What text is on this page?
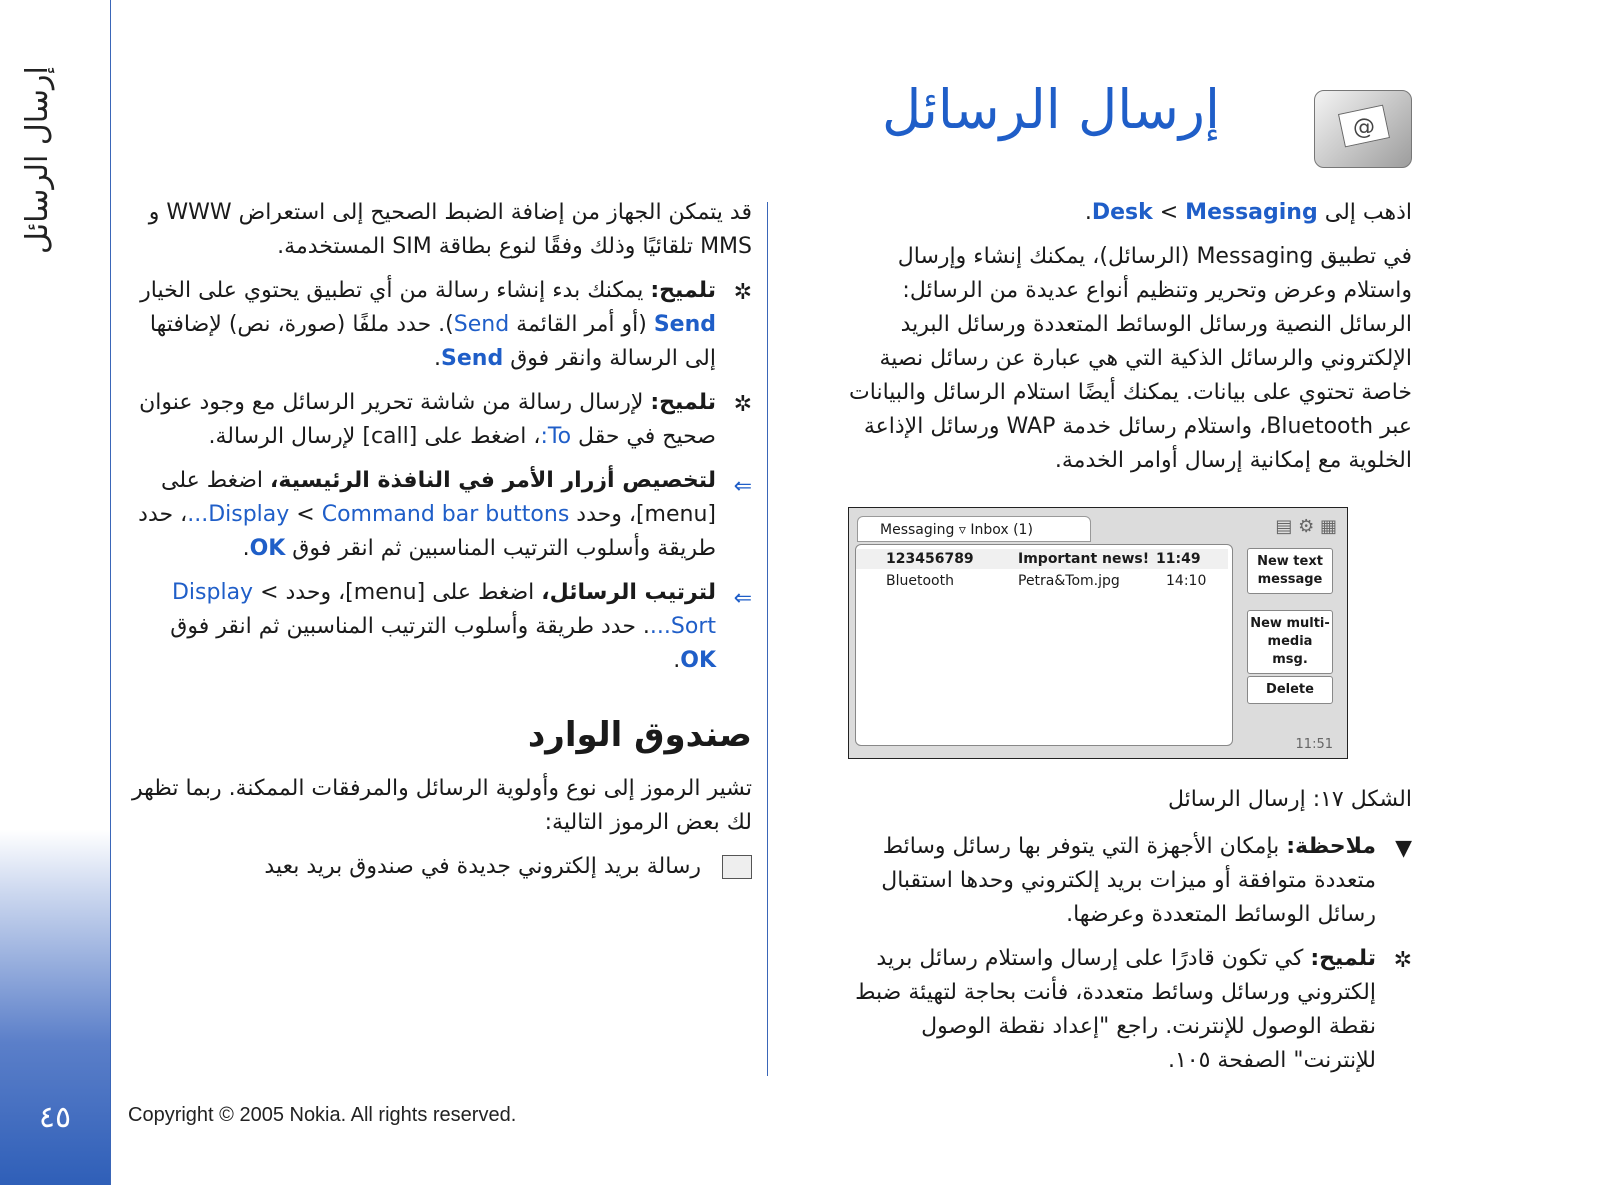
إرسال الرسائل
٤٥	Copyright © 2005 Nokia. All rights reserved.
إرسال الرسائل	@

اذهب إلى Desk < Messaging.

في تطبيق Messaging (الرسائل)، يمكنك إنشاء وإرسال واستلام وعرض وتحرير وتنظيم أنواع عديدة من الرسائل: الرسائل النصية ورسائل الوسائط المتعددة ورسائل البريد الإلكتروني والرسائل الذكية التي هي عبارة عن رسائل نصية خاصة تحتوي على بيانات. يمكنك أيضًا استلام الرسائل والبيانات عبر Bluetooth، واستلام رسائل خدمة WAP ورسائل الإذاعة الخلوية مع إمكانية إرسال أوامر الخدمة.

Messaging ▿ Inbox (1)	▤ ⚙ ▦
123456789	Important news! 11:49
Bluetooth	Petra&Tom.jpg	14:10
New text message
New multi-media msg.
Delete
11:51
الشكل ١٧: إرسال الرسائل

▼
ملاحظة: بإمكان الأجهزة التي يتوفر بها رسائل وسائط متعددة متوافقة أو ميزات بريد إلكتروني وحدها استقبال رسائل الوسائط المتعددة وعرضها.

✲
تلميح: كي تكون قادرًا على إرسال واستلام رسائل بريد إلكتروني ورسائل وسائط متعددة، فأنت بحاجة لتهيئة ضبط نقطة الوصول للإنترنت. راجع "إعداد نقطة الوصول للإنترنت" الصفحة ١٠٥.

قد يتمكن الجهاز من إضافة الضبط الصحيح إلى استعراض WWW و MMS تلقائيًا وذلك وفقًا لنوع بطاقة SIM المستخدمة.

✲
تلميح: يمكنك بدء إنشاء رسالة من أي تطبيق يحتوي على الخيار Send (أو أمر القائمة Send). حدد ملفًا (صورة، نص) لإضافتها إلى الرسالة وانقر فوق Send.

✲
تلميح: لإرسال رسالة من شاشة تحرير الرسائل مع وجود عنوان صحيح في حقل To:، اضغط على [call] لإرسال الرسالة.

⇐
لتخصيص أزرار الأمر في النافذة الرئيسية، اضغط على [menu]، وحدد Display < Command bar buttons...، حدد طريقة وأسلوب الترتيب المناسبين ثم انقر فوق OK.

⇐
لترتيب الرسائل، اضغط على [menu]، وحدد Display < Sort.... حدد طريقة وأسلوب الترتيب المناسبين ثم انقر فوق OK.

صندوق الوارد

تشير الرموز إلى نوع وأولوية الرسائل والمرفقات الممكنة. ربما تظهر لك بعض الرموز التالية:

رسالة بريد إلكتروني جديدة في صندوق بريد بعيد
